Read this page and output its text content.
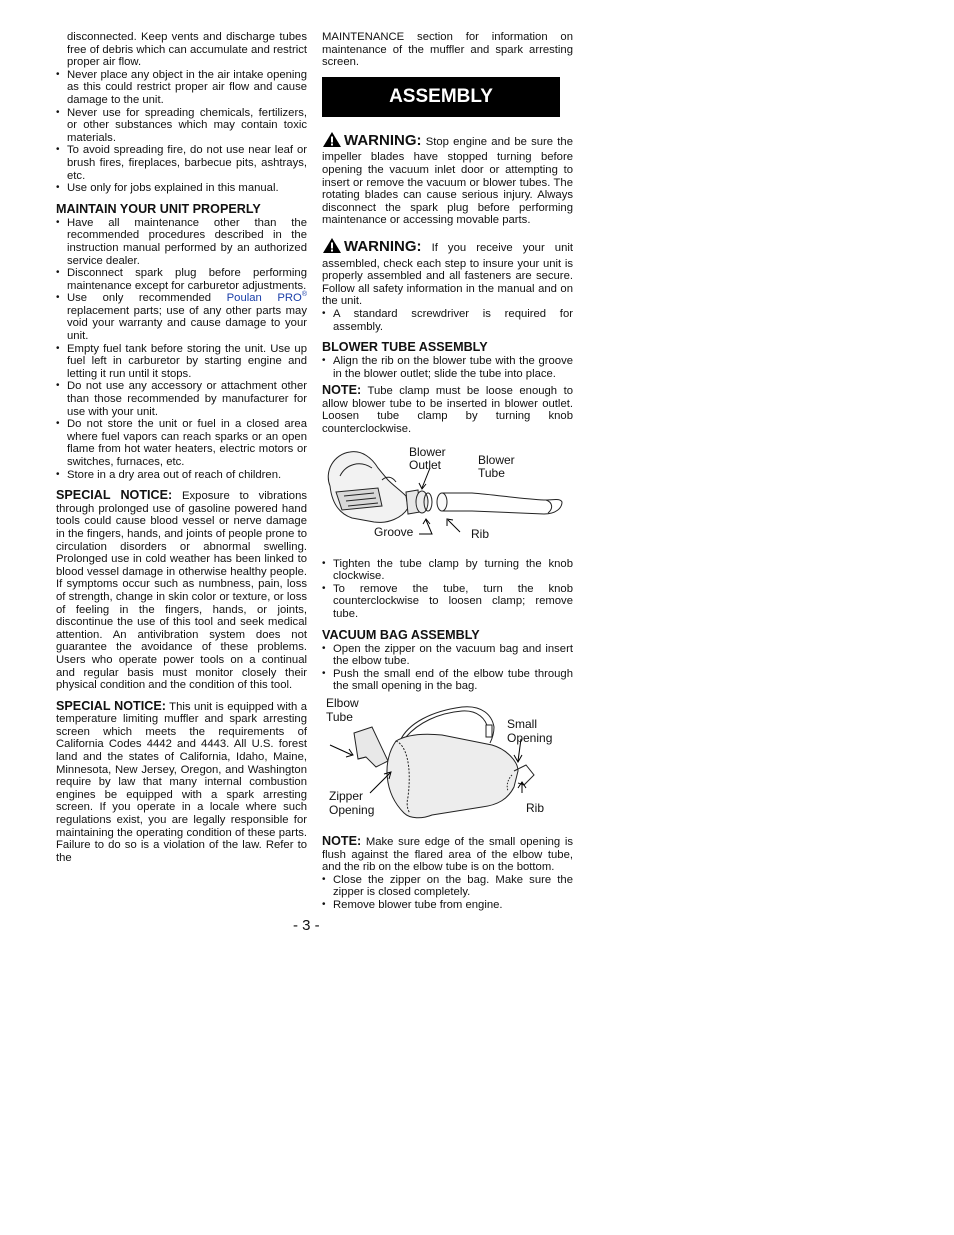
disconnected. Keep vents and discharge tubes free of debris which can accumulate and restrict proper air flow.

• Never place any object in the air intake opening as this could restrict proper air flow and cause damage to the unit.
• Never use for spreading chemicals, fertilizers, or other substances which may contain toxic materials.
• To avoid spreading fire, do not use near leaf or brush fires, fireplaces, barbecue pits, ashtrays, etc.
• Use only for jobs explained in this manual.
MAINTAIN YOUR UNIT PROPERLY
• Have all maintenance other than the recommended procedures described in the instruction manual performed by an authorized service dealer.
• Disconnect spark plug before performing maintenance except for carburetor adjustments.
• Use only recommended Poulan PRO® replacement parts; use of any other parts may void your warranty and cause damage to your unit.
• Empty fuel tank before storing the unit. Use up fuel left in carburetor by starting engine and letting it run until it stops.
• Do not use any accessory or attachment other than those recommended by manufacturer for use with your unit.
• Do not store the unit or fuel in a closed area where fuel vapors can reach sparks or an open flame from hot water heaters, electric motors or switches, furnaces, etc.
• Store in a dry area out of reach of children.

SPECIAL NOTICE: Exposure to vibrations through prolonged use of gasoline powered hand tools could cause blood vessel or nerve damage in the fingers, hands, and joints of people prone to circulation disorders or abnormal swelling. Prolonged use in cold weather has been linked to blood vessel damage in otherwise healthy people. If symptoms occur such as numbness, pain, loss of strength, change in skin color or texture, or loss of feeling in the fingers, hands, or joints, discontinue the use of this tool and seek medical attention. An antivibration system does not guarantee the avoidance of these problems. Users who operate power tools on a continual and regular basis must monitor closely their physical condition and the condition of this tool.

SPECIAL NOTICE: This unit is equipped with a temperature limiting muffler and spark arresting screen which meets the requirements of California Codes 4442 and 4443. All U.S. forest land and the states of California, Idaho, Maine, Minnesota, New Jersey, Oregon, and Washington require by law that many internal combustion engines be equipped with a spark arresting screen. If you operate in a locale where such regulations exist, you are legally responsible for maintaining the operating condition of these parts. Failure to do so is a violation of the law. Refer to the

MAINTENANCE section for information on maintenance of the muffler and spark arresting screen.

ASSEMBLY

WARNING: Stop engine and be sure the impeller blades have stopped turning before opening the vacuum inlet door or attempting to insert or remove the vacuum or blower tubes. The rotating blades can cause serious injury. Always disconnect the spark plug before performing maintenance or accessing movable parts.

WARNING: If you receive your unit assembled, check each step to insure your unit is properly assembled and all fasteners are secure. Follow all safety information in the manual and on the unit.

• A standard screwdriver is required for assembly.
BLOWER TUBE ASSEMBLY
• Align the rib on the blower tube with the groove in the blower outlet; slide the tube into place.

NOTE: Tube clamp must be loose enough to allow blower tube to be inserted in blower outlet. Loosen tube clamp by turning knob counterclockwise.

Blower
Outlet	Blower
Tube
Groove	Rib
• Tighten the tube clamp by turning the knob clockwise.
• To remove the tube, turn the knob counterclockwise to loosen clamp; remove tube.
VACUUM BAG ASSEMBLY
• Open the zipper on the vacuum bag and insert the elbow tube.
• Push the small end of the elbow tube through the small opening in the bag.
Elbow
Tube
Small
Opening
Zipper
Opening	Rib

NOTE: Make sure edge of the small opening is flush against the flared area of the elbow tube, and the rib on the elbow tube is on the bottom.

• Close the zipper on the bag. Make sure the zipper is closed completely.
• Remove blower tube from engine.
- 3 -
